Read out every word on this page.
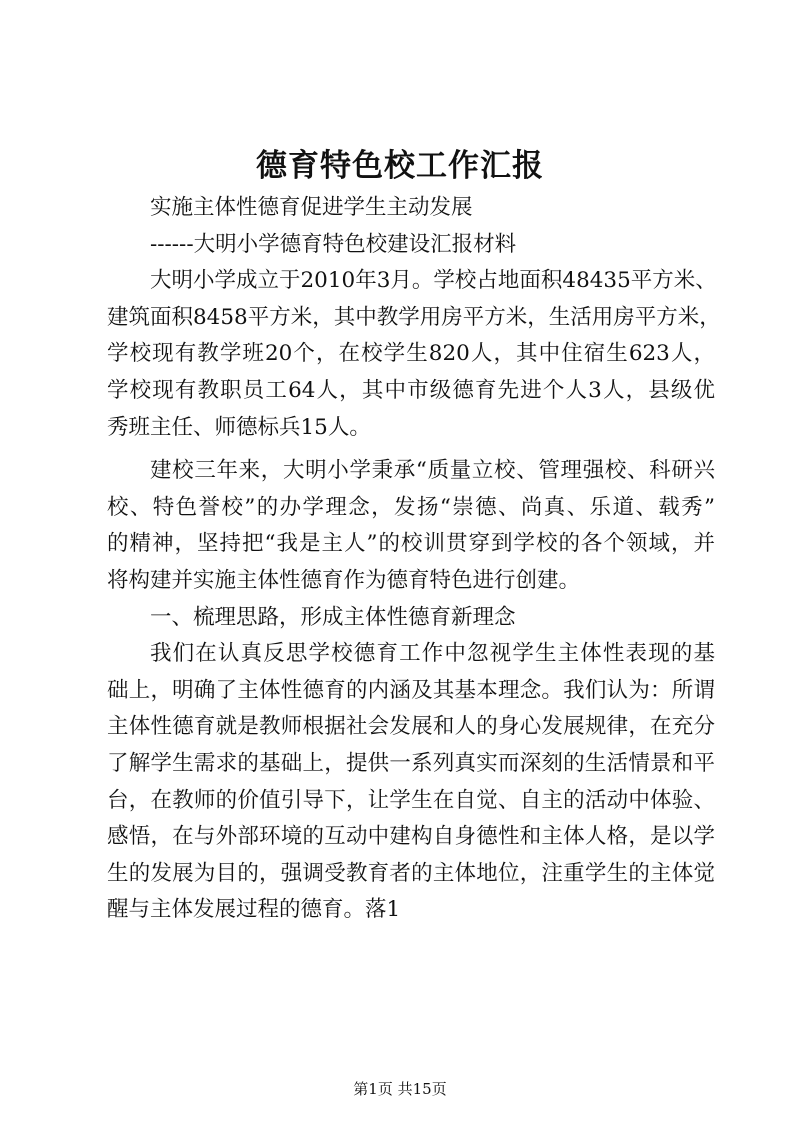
德育特色校工作汇报
实施主体性德育促进学生主动发展
------大明小学德育特色校建设汇报材料
大明小学成立于2010年3月。学校占地面积48435平方米、
建筑面积8458平方米，其中教学用房平方米，生活用房平方米，
学校现有教学班20个，在校学生820人，其中住宿生623人，
学校现有教职员工64人，其中市级德育先进个人3人，县级优
秀班主任、师德标兵15人。
建校三年来，大明小学秉承“质量立校、管理强校、科研兴
校、特色誉校”的办学理念，发扬“崇德、尚真、乐道、载秀”
的精神，坚持把“我是主人”的校训贯穿到学校的各个领域，并
将构建并实施主体性德育作为德育特色进行创建。
一、梳理思路，形成主体性德育新理念
我们在认真反思学校德育工作中忽视学生主体性表现的基
础上，明确了主体性德育的内涵及其基本理念。我们认为：所谓
主体性德育就是教师根据社会发展和人的身心发展规律，在充分
了解学生需求的基础上，提供一系列真实而深刻的生活情景和平
台，在教师的价值引导下，让学生在自觉、自主的活动中体验、
感悟，在与外部环境的互动中建构自身德性和主体人格，是以学
生的发展为目的，强调受教育者的主体地位，注重学生的主体觉
醒与主体发展过程的德育。落1
第1页 共15页
